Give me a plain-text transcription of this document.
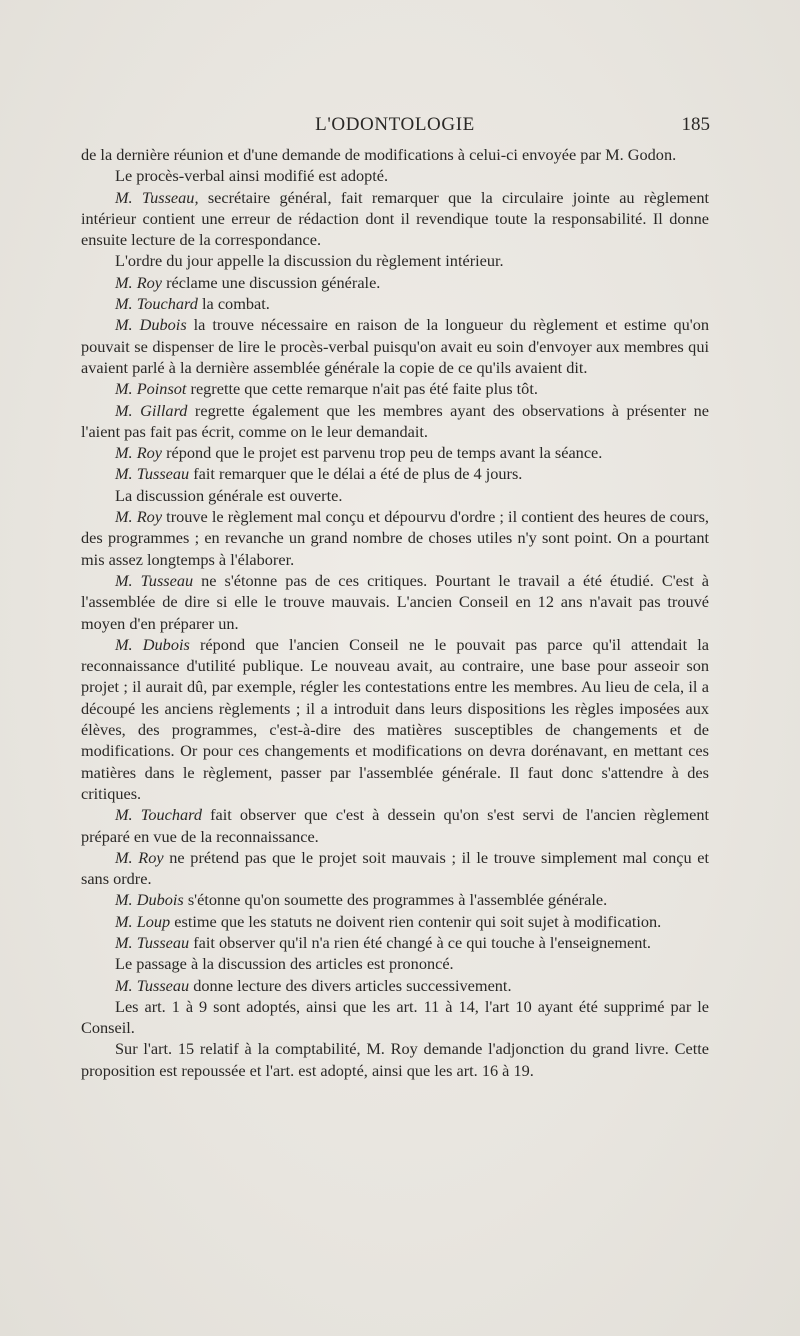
L'ODONTOLOGIE	185

de la dernière réunion et d'une demande de modifications à celui-ci envoyée par M. Godon.

Le procès-verbal ainsi modifié est adopté.

M. Tusseau, secrétaire général, fait remarquer que la circulaire jointe au règlement intérieur contient une erreur de rédaction dont il revendique toute la responsabilité. Il donne ensuite lecture de la correspondance.

L'ordre du jour appelle la discussion du règlement intérieur.

M. Roy réclame une discussion générale.

M. Touchard la combat.

M. Dubois la trouve nécessaire en raison de la longueur du règlement et estime qu'on pouvait se dispenser de lire le procès-verbal puisqu'on avait eu soin d'envoyer aux membres qui avaient parlé à la dernière assemblée générale la copie de ce qu'ils avaient dit.

M. Poinsot regrette que cette remarque n'ait pas été faite plus tôt.

M. Gillard regrette également que les membres ayant des observations à présenter ne l'aient pas fait pas écrit, comme on le leur demandait.

M. Roy répond que le projet est parvenu trop peu de temps avant la séance.

M. Tusseau fait remarquer que le délai a été de plus de 4 jours.

La discussion générale est ouverte.

M. Roy trouve le règlement mal conçu et dépourvu d'ordre ; il contient des heures de cours, des programmes ; en revanche un grand nombre de choses utiles n'y sont point. On a pourtant mis assez longtemps à l'élaborer.

M. Tusseau ne s'étonne pas de ces critiques. Pourtant le travail a été étudié. C'est à l'assemblée de dire si elle le trouve mauvais. L'ancien Conseil en 12 ans n'avait pas trouvé moyen d'en préparer un.

M. Dubois répond que l'ancien Conseil ne le pouvait pas parce qu'il attendait la reconnaissance d'utilité publique. Le nouveau avait, au contraire, une base pour asseoir son projet ; il aurait dû, par exemple, régler les contestations entre les membres. Au lieu de cela, il a découpé les anciens règlements ; il a introduit dans leurs dispositions les règles imposées aux élèves, des programmes, c'est-à-dire des matières susceptibles de changements et de modifications. Or pour ces changements et modifications on devra dorénavant, en mettant ces matières dans le règlement, passer par l'assemblée générale. Il faut donc s'attendre à des critiques.

M. Touchard fait observer que c'est à dessein qu'on s'est servi de l'ancien règlement préparé en vue de la reconnaissance.

M. Roy ne prétend pas que le projet soit mauvais ; il le trouve simplement mal conçu et sans ordre.

M. Dubois s'étonne qu'on soumette des programmes à l'assemblée générale.

M. Loup estime que les statuts ne doivent rien contenir qui soit sujet à modification.

M. Tusseau fait observer qu'il n'a rien été changé à ce qui touche à l'enseignement.

Le passage à la discussion des articles est prononcé.

M. Tusseau donne lecture des divers articles successivement.

Les art. 1 à 9 sont adoptés, ainsi que les art. 11 à 14, l'art 10 ayant été supprimé par le Conseil.

Sur l'art. 15 relatif à la comptabilité, M. Roy demande l'adjonction du grand livre. Cette proposition est repoussée et l'art. est adopté, ainsi que les art. 16 à 19.
